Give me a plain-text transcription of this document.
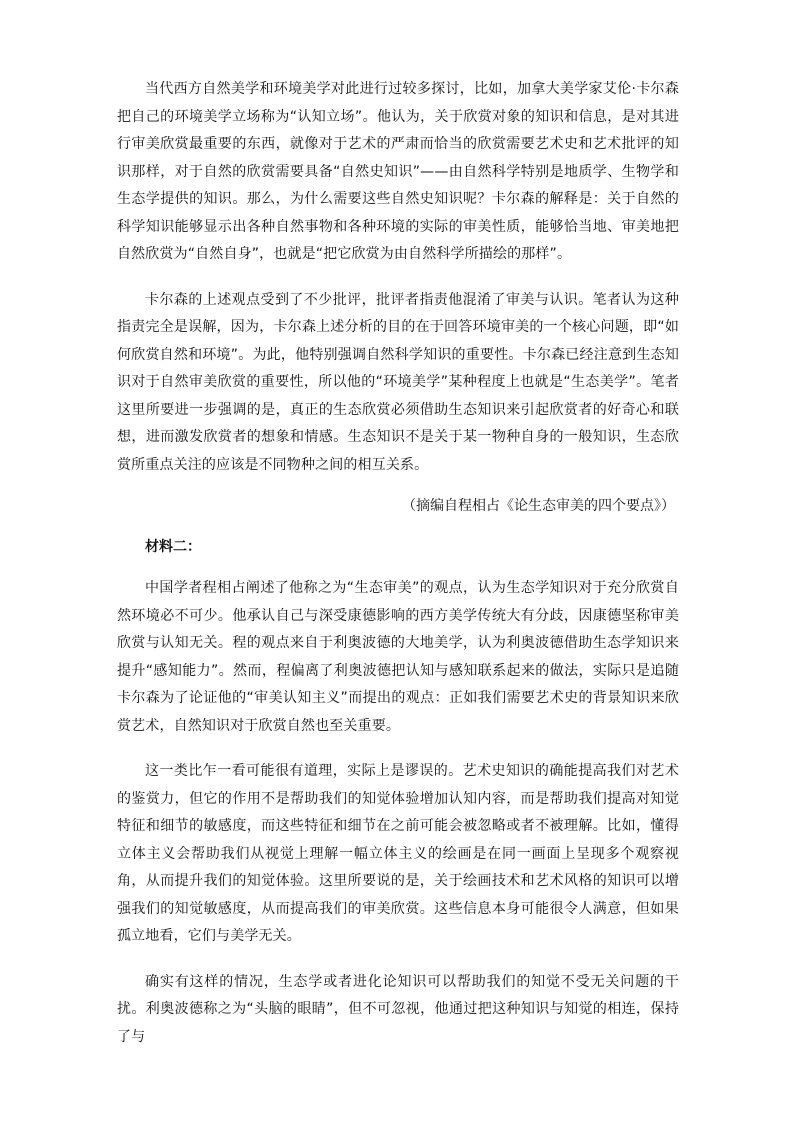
当代西方自然美学和环境美学对此进行过较多探讨，比如，加拿大美学家艾伦·卡尔森把自己的环境美学立场称为“认知立场”。他认为，关于欣赏对象的知识和信息，是对其进行审美欣赏最重要的东西，就像对于艺术的严肃而恰当的欣赏需要艺术史和艺术批评的知识那样，对于自然的欣赏需要具备“自然史知识”——由自然科学特别是地质学、生物学和生态学提供的知识。那么，为什么需要这些自然史知识呢？卡尔森的解释是：关于自然的科学知识能够显示出各种自然事物和各种环境的实际的审美性质，能够恰当地、审美地把自然欣赏为“自然自身”，也就是“把它欣赏为由自然科学所描绘的那样”。

卡尔森的上述观点受到了不少批评，批评者指责他混淆了审美与认识。笔者认为这种指责完全是误解，因为，卡尔森上述分析的目的在于回答环境审美的一个核心问题，即“如何欣赏自然和环境”。为此，他特别强调自然科学知识的重要性。卡尔森已经注意到生态知识对于自然审美欣赏的重要性，所以他的“环境美学”某种程度上也就是“生态美学”。笔者这里所要进一步强调的是，真正的生态欣赏必须借助生态知识来引起欣赏者的好奇心和联想，进而激发欣赏者的想象和情感。生态知识不是关于某一物种自身的一般知识，生态欣赏所重点关注的应该是不同物种之间的相互关系。

（摘编自程相占《论生态审美的四个要点》）

材料二：

中国学者程相占阐述了他称之为“生态审美”的观点，认为生态学知识对于充分欣赏自然环境必不可少。他承认自己与深受康德影响的西方美学传统大有分歧，因康德坚称审美欣赏与认知无关。程的观点来自于利奥波德的大地美学，认为利奥波德借助生态学知识来提升“感知能力”。然而，程偏离了利奥波德把认知与感知联系起来的做法，实际只是追随卡尔森为了论证他的“审美认知主义”而提出的观点：正如我们需要艺术史的背景知识来欣赏艺术，自然知识对于欣赏自然也至关重要。

这一类比乍一看可能很有道理，实际上是谬误的。艺术史知识的确能提高我们对艺术的鉴赏力，但它的作用不是帮助我们的知觉体验增加认知内容，而是帮助我们提高对知觉特征和细节的敏感度，而这些特征和细节在之前可能会被忽略或者不被理解。比如，懂得立体主义会帮助我们从视觉上理解一幅立体主义的绘画是在同一画面上呈现多个观察视角，从而提升我们的知觉体验。这里所要说的是，关于绘画技术和艺术风格的知识可以增强我们的知觉敏感度，从而提高我们的审美欣赏。这些信息本身可能很令人满意，但如果孤立地看，它们与美学无关。

确实有这样的情况，生态学或者进化论知识可以帮助我们的知觉不受无关问题的干扰。利奥波德称之为“头脑的眼睛”，但不可忽视，他通过把这种知识与知觉的相连，保持了与
